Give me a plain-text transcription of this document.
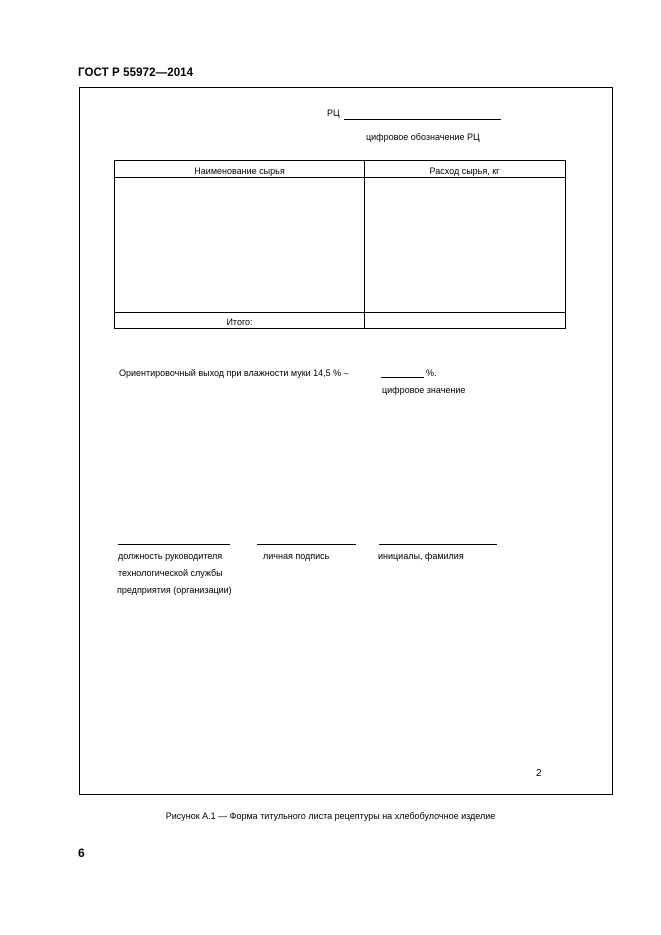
ГОСТ Р 55972—2014
РЦ
цифровое обозначение РЦ
Наименование сырья	Расход сырья, кг
Итого:
Ориентировочный выход при влажности муки 14,5 % –	%.
цифровое значение
должность руководителя
технологической службы
предприятия (организации)
личная подпись	инициалы, фамилия
2
Рисунок А.1 — Форма титульного листа рецептуры на хлебобулочное изделие
6
